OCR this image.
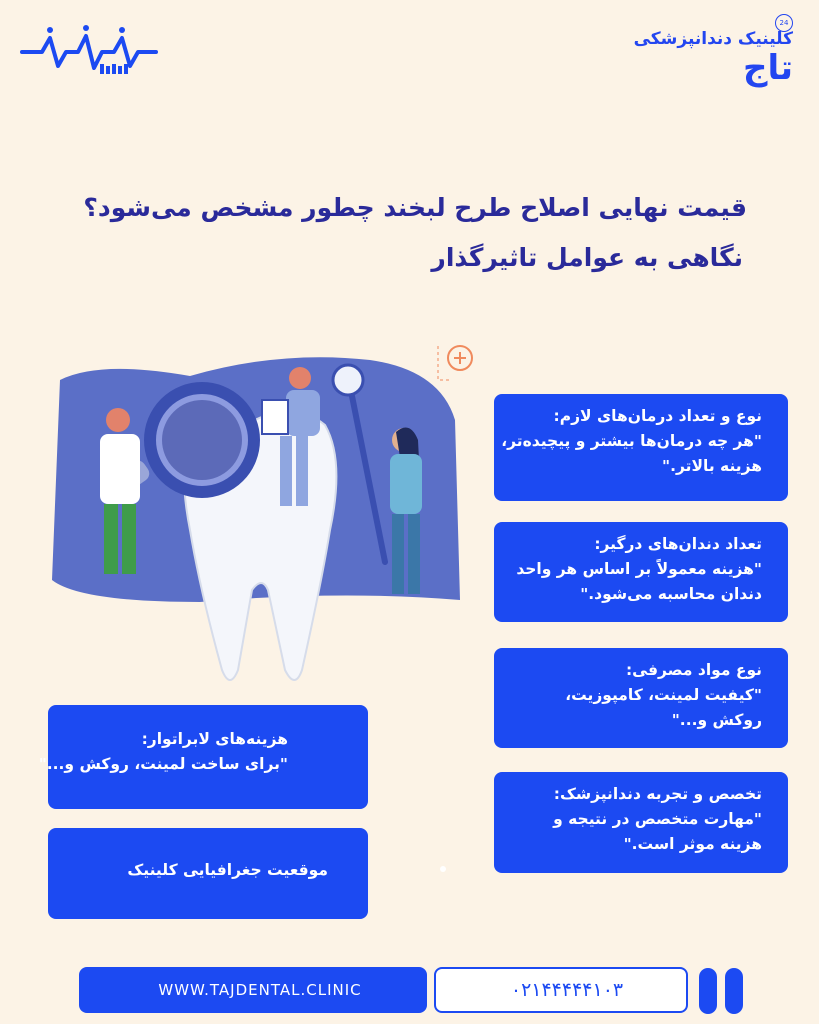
24
کلینیک دندانپزشکی
تاج
قیمت نهایی اصلاح طرح لبخند چطور مشخص می‌شود؟
نگاهی به عوامل تاثیرگذار
نوع و تعداد درمان‌های لازم:
"هر چه درمان‌ها بیشتر و پیچیده‌تر،
هزینه بالاتر."
تعداد دندان‌های درگیر:
"هزینه معمولاً بر اساس هر واحد
دندان محاسبه می‌شود."
نوع مواد مصرفی:
"کیفیت لمینت، کامپوزیت،
روکش و..."
تخصص و تجربه دندانپزشک:
"مهارت متخصص در نتیجه و
هزینه موثر است."
هزینه‌های لابراتوار:
"برای ساخت لمینت، روکش و..."
موقعیت جغرافیایی کلینیک
WWW.TAJDENTAL.CLINIC	۰۲۱۴۴۴۴۴۱۰۳
